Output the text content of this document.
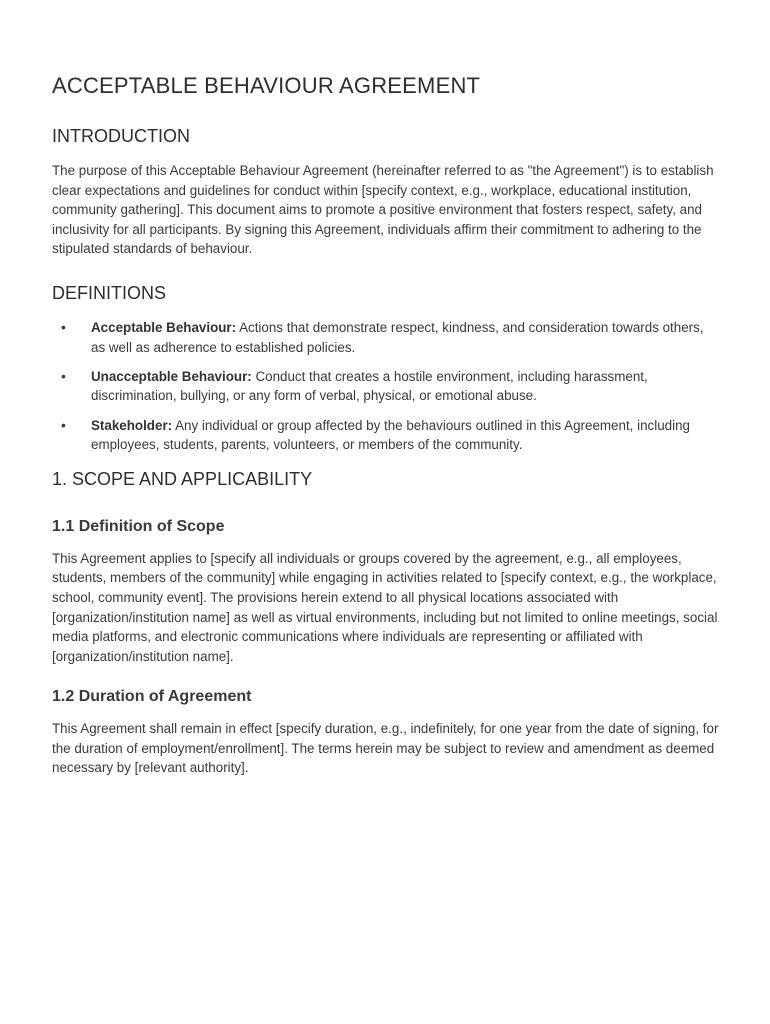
ACCEPTABLE BEHAVIOUR AGREEMENT
INTRODUCTION

The purpose of this Acceptable Behaviour Agreement (hereinafter referred to as "the Agreement") is to establish clear expectations and guidelines for conduct within [specify context, e.g., workplace, educational institution, community gathering]. This document aims to promote a positive environment that fosters respect, safety, and inclusivity for all participants. By signing this Agreement, individuals affirm their commitment to adhering to the stipulated standards of behaviour.

DEFINITIONS
• Acceptable Behaviour: Actions that demonstrate respect, kindness, and consideration towards others, as well as adherence to established policies.
• Unacceptable Behaviour: Conduct that creates a hostile environment, including harassment, discrimination, bullying, or any form of verbal, physical, or emotional abuse.
• Stakeholder: Any individual or group affected by the behaviours outlined in this Agreement, including employees, students, parents, volunteers, or members of the community.
1. SCOPE AND APPLICABILITY
1.1 Definition of Scope

This Agreement applies to [specify all individuals or groups covered by the agreement, e.g., all employees, students, members of the community] while engaging in activities related to [specify context, e.g., the workplace, school, community event]. The provisions herein extend to all physical locations associated with [organization/institution name] as well as virtual environments, including but not limited to online meetings, social media platforms, and electronic communications where individuals are representing or affiliated with [organization/institution name].

1.2 Duration of Agreement

This Agreement shall remain in effect [specify duration, e.g., indefinitely, for one year from the date of signing, for the duration of employment/enrollment]. The terms herein may be subject to review and amendment as deemed necessary by [relevant authority].
